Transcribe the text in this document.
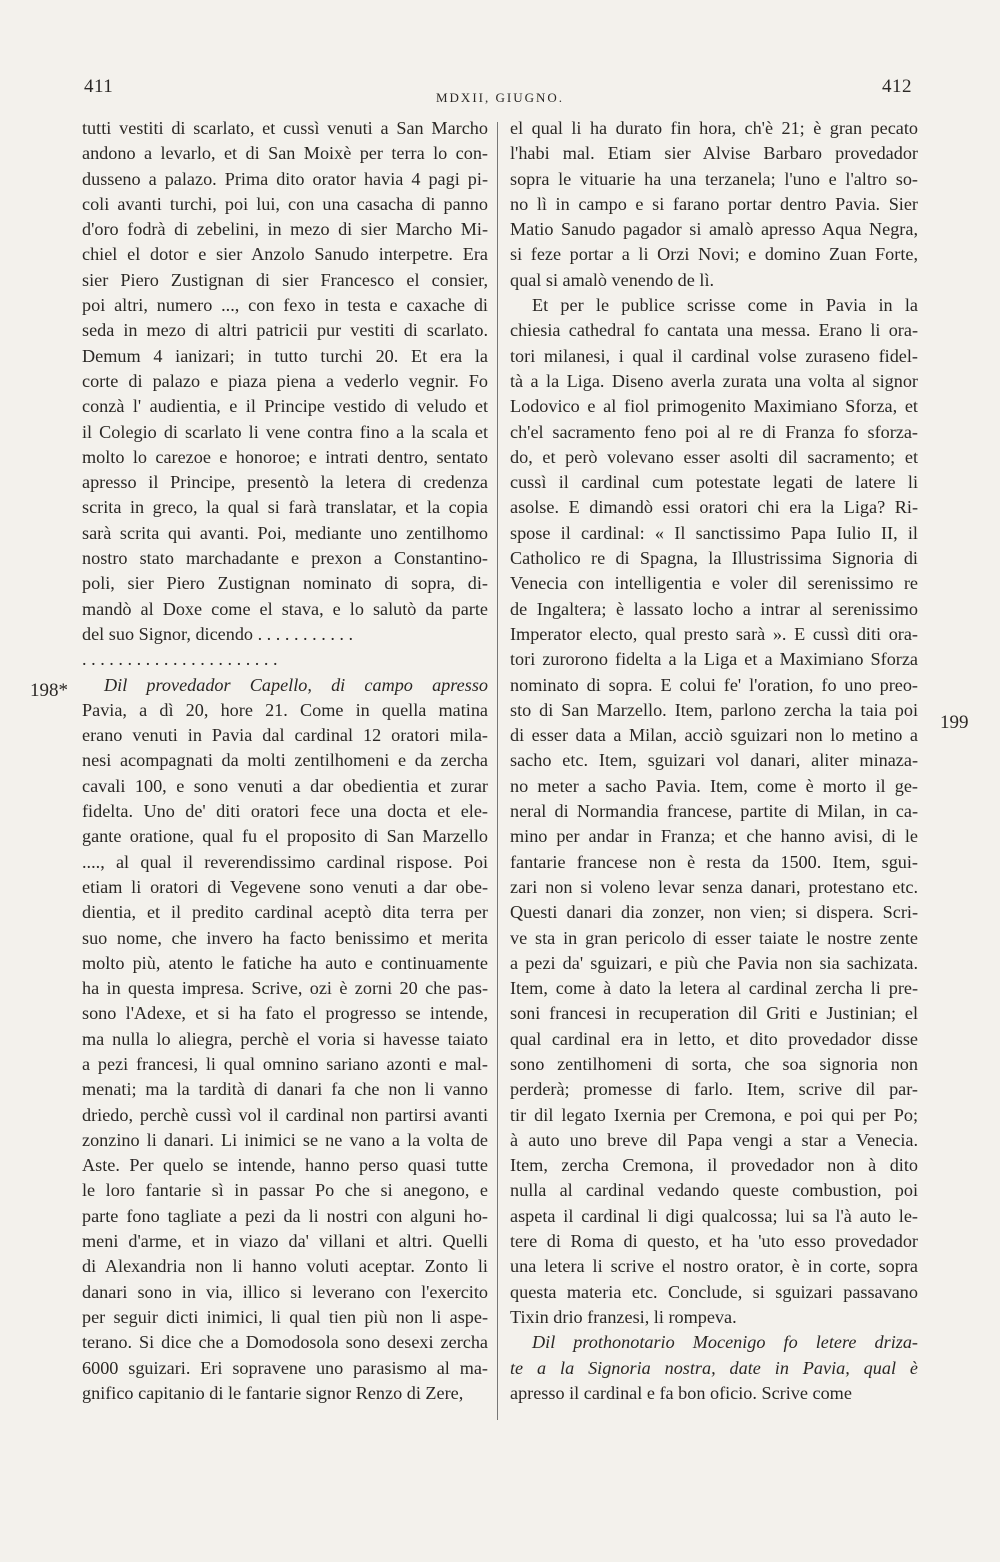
411
MDXII, GIUGNO.
412
198*
199
tutti vestiti di scarlato, et cussì venuti a San Marcho
andono a levarlo, et di San Moixè per terra lo con-
dusseno a palazo. Prima dito orator havia 4 pagi pi-
coli avanti turchi, poi lui, con una casacha di panno
d'oro fodrà di zebelini, in mezo di sier Marcho Mi-
chiel el dotor e sier Anzolo Sanudo interpetre. Era
sier Piero Zustignan di sier Francesco el consier,
poi altri, numero ..., con fexo in testa e caxache di
seda in mezo di altri patricii pur vestiti di scarlato.
Demum 4 ianizari; in tutto turchi 20. Et era la
corte di palazo e piaza piena a vederlo vegnir. Fo
conzà l' audientia, e il Principe vestido di veludo et
il Colegio di scarlato li vene contra fino a la scala et
molto lo carezoe e honoroe; e intrati dentro, sentato
apresso il Principe, presentò la letera di credenza
scrita in greco, la qual si farà translatar, et la copia
sarà scrita qui avanti. Poi, mediante uno zentilhomo
nostro stato marchadante e prexon a Constantino-
poli, sier Piero Zustignan nominato di sopra, di-
mandò al Doxe come el stava, e lo salutò da parte
del suo Signor, dicendo . . . . . . . . . . .
. . . . . . . . . . . . . . . . . . . . . .
Dil provedador Capello, di campo apresso
Pavia, a dì 20, hore 21. Come in quella matina
erano venuti in Pavia dal cardinal 12 oratori mila-
nesi acompagnati da molti zentilhomeni e da zercha
cavali 100, e sono venuti a dar obedientia et zurar
fidelta. Uno de' diti oratori fece una docta et ele-
gante oratione, qual fu el proposito di San Marzello
...., al qual il reverendissimo cardinal rispose. Poi
etiam li oratori di Vegevene sono venuti a dar obe-
dientia, et il predito cardinal aceptò dita terra per
suo nome, che invero ha facto benissimo et merita
molto più, atento le fatiche ha auto e continuamente
ha in questa impresa. Scrive, ozi è zorni 20 che pas-
sono l'Adexe, et si ha fato el progresso se intende,
ma nulla lo aliegra, perchè el voria si havesse taiato
a pezi francesi, li qual omnino sariano azonti e mal-
menati; ma la tardità di danari fa che non li vanno
driedo, perchè cussì vol il cardinal non partirsi avanti
zonzino li danari. Li inimici se ne vano a la volta de
Aste. Per quelo se intende, hanno perso quasi tutte
le loro fantarie sì in passar Po che si anegono, e
parte fono tagliate a pezi da li nostri con alguni ho-
meni d'arme, et in viazo da' villani et altri. Quelli
di Alexandria non li hanno voluti aceptar. Zonto li
danari sono in via, illico si leverano con l'exercito
per seguir dicti inimici, li qual tien più non li aspe-
terano. Si dice che a Domodosola sono desexi zercha
6000 sguizari. Eri sopravene uno parasismo al ma-
gnifico capitanio di le fantarie signor Renzo di Zere,
el qual li ha durato fin hora, ch'è 21; è gran pecato
l'habi mal. Etiam sier Alvise Barbaro provedador
sopra le vituarie ha una terzanela; l'uno e l'altro so-
no lì in campo e si farano portar dentro Pavia. Sier
Matio Sanudo pagador si amalò apresso Aqua Negra,
si feze portar a li Orzi Novi; e domino Zuan Forte,
qual si amalò venendo de lì.
Et per le publice scrisse come in Pavia in la
chiesia cathedral fo cantata una messa. Erano li ora-
tori milanesi, i qual il cardinal volse zuraseno fidel-
tà a la Liga. Diseno averla zurata una volta al signor
Lodovico e al fiol primogenito Maximiano Sforza, et
ch'el sacramento feno poi al re di Franza fo sforza-
do, et però volevano esser asolti dil sacramento; et
cussì il cardinal cum potestate legati de latere li
asolse. E dimandò essi oratori chi era la Liga? Ri-
spose il cardinal: « Il sanctissimo Papa Iulio II, il
Catholico re di Spagna, la Illustrissima Signoria di
Venecia con intelligentia e voler dil serenissimo re
de Ingaltera; è lassato locho a intrar al serenissimo
Imperator electo, qual presto sarà ». E cussì diti ora-
tori zurorono fidelta a la Liga et a Maximiano Sforza
nominato di sopra. E colui fe' l'oration, fo uno preo-
sto di San Marzello. Item, parlono zercha la taia poi
di esser data a Milan, acciò sguizari non lo metino a
sacho etc. Item, sguizari vol danari, aliter minaza-
no meter a sacho Pavia. Item, come è morto il ge-
neral di Normandia francese, partite di Milan, in ca-
mino per andar in Franza; et che hanno avisi, di le
fantarie francese non è resta da 1500. Item, sgui-
zari non si voleno levar senza danari, protestano etc.
Questi danari dia zonzer, non vien; si dispera. Scri-
ve sta in gran pericolo di esser taiate le nostre zente
a pezi da' sguizari, e più che Pavia non sia sachizata.
Item, come à dato la letera al cardinal zercha li pre-
soni francesi in recuperation dil Griti e Justinian; el
qual cardinal era in letto, et dito provedador disse
sono zentilhomeni di sorta, che soa signoria non
perderà; promesse di farlo. Item, scrive dil par-
tir dil legato Ixernia per Cremona, e poi qui per Po;
à auto uno breve dil Papa vengi a star a Venecia.
Item, zercha Cremona, il provedador non à dito
nulla al cardinal vedando queste combustion, poi
aspeta il cardinal li digi qualcossa; lui sa l'à auto le-
tere di Roma di questo, et ha 'uto esso provedador
una letera li scrive el nostro orator, è in corte, sopra
questa materia etc. Conclude, si sguizari passavano
Tixin drio franzesi, li rompeva.
Dil prothonotario Mocenigo fo letere driza-
te a la Signoria nostra, date in Pavia, qual è
apresso il cardinal e fa bon oficio. Scrive come
